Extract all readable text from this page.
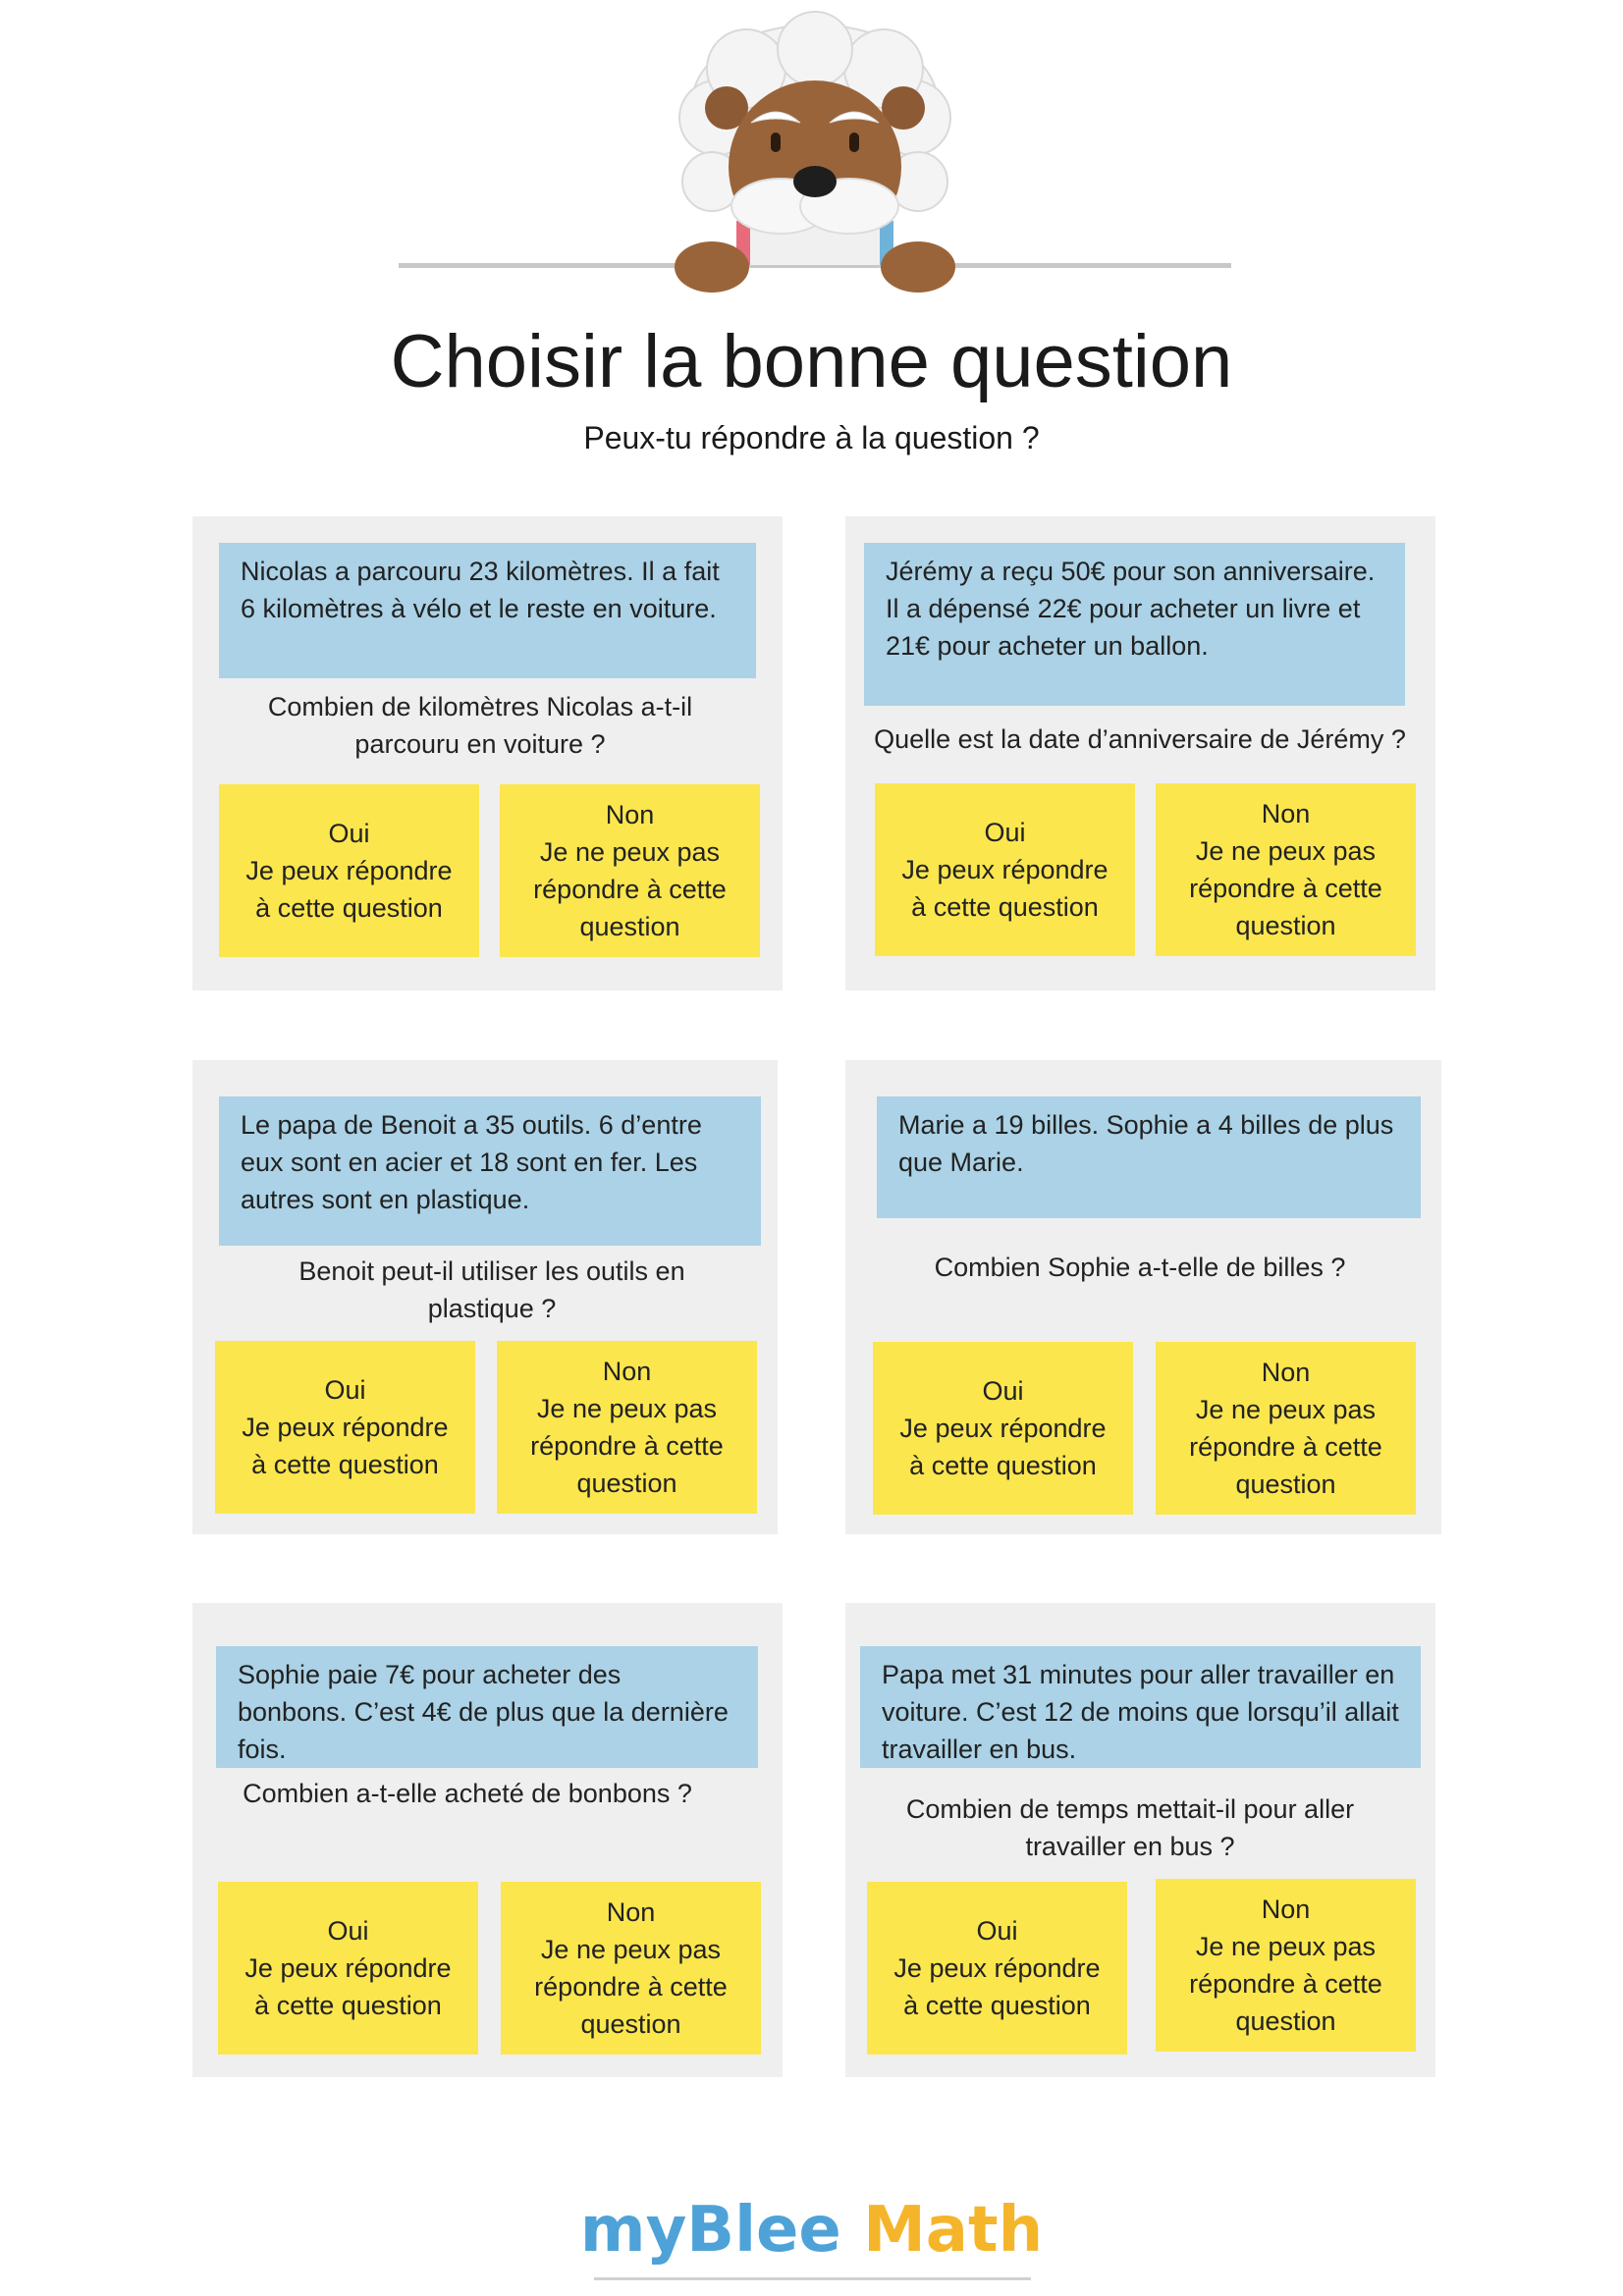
Choisir la bonne question
Peux-tu répondre à la question ?
Nicolas a parcouru 23 kilomètres. Il a fait 6 kilomètres à vélo et le reste en voiture.
Combien de kilomètres Nicolas a-t-il parcouru en voiture ?
Oui
Je peux répondre à cette question
Non
Je ne peux pas répondre à cette question
Jérémy a reçu 50€ pour son anniversaire. Il a dépensé 22€ pour acheter un livre et 21€ pour acheter un ballon.
Quelle est la date d’anniversaire de Jérémy ?
Oui
Je peux répondre à cette question
Non
Je ne peux pas répondre à cette question
Le papa de Benoit a 35 outils. 6 d’entre eux sont en acier et 18 sont en fer. Les autres sont en plastique.
Benoit peut-il utiliser les outils en plastique ?
Oui
Je peux répondre à cette question
Non
Je ne peux pas répondre à cette question
Marie a 19 billes. Sophie a 4 billes de plus que Marie.
Combien Sophie a-t-elle de billes ?
Oui
Je peux répondre à cette question
Non
Je ne peux pas répondre à cette question
Sophie paie 7€ pour acheter des bonbons. C’est 4€ de plus que la dernière fois.
Combien a-t-elle acheté de bonbons ?
Oui
Je peux répondre à cette question
Non
Je ne peux pas répondre à cette question
Papa met 31 minutes pour aller travailler en voiture. C’est 12 de moins que lorsqu’il allait travailler en bus.
Combien de temps mettait-il pour aller travailler en bus ?
Oui
Je peux répondre à cette question
Non
Je ne peux pas répondre à cette question
myBlee Math
